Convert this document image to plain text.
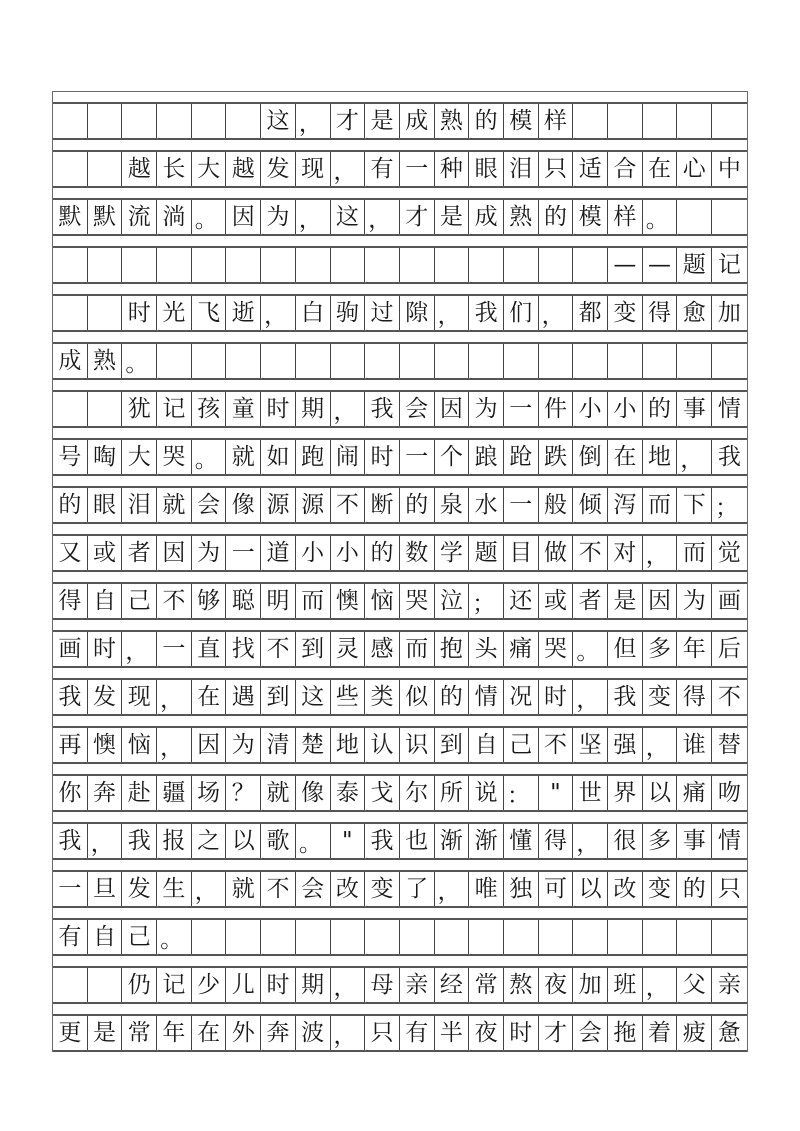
这 ， 才 是 成 熟 的 模 样
越 长 大 越 发 现 ， 有 一 种 眼 泪 只 适 合 在 心 中
默 默 流 淌 。 因 为 ， 这 ， 才 是 成 熟 的 模 样 。
— — 题 记
时 光 飞 逝 ， 白 驹 过 隙 ， 我 们 ， 都 变 得 愈 加
成 熟 。
犹 记 孩 童 时 期 ， 我 会 因 为 一 件 小 小 的 事 情
号 啕 大 哭 。 就 如 跑 闹 时 一 个 踉 跄 跌 倒 在 地 ， 我
的 眼 泪 就 会 像 源 源 不 断 的 泉 水 一 般 倾 泻 而 下 ；
又 或 者 因 为 一 道 小 小 的 数 学 题 目 做 不 对 ， 而 觉
得 自 己 不 够 聪 明 而 懊 恼 哭 泣 ； 还 或 者 是 因 为 画
画 时 ， 一 直 找 不 到 灵 感 而 抱 头 痛 哭 。 但 多 年 后
我 发 现 ， 在 遇 到 这 些 类 似 的 情 况 时 ， 我 变 得 不
再 懊 恼 ， 因 为 清 楚 地 认 识 到 自 己 不 坚 强 ， 谁 替
你 奔 赴 疆 场 ？ 就 像 泰 戈 尔 所 说 ： " 世 界 以 痛 吻
我 ， 我 报 之 以 歌 。 " 我 也 渐 渐 懂 得 ， 很 多 事 情
一 旦 发 生 ， 就 不 会 改 变 了 ， 唯 独 可 以 改 变 的 只
有 自 己 。
仍 记 少 儿 时 期 ， 母 亲 经 常 熬 夜 加 班 ， 父 亲
更 是 常 年 在 外 奔 波 ， 只 有 半 夜 时 才 会 拖 着 疲 惫
